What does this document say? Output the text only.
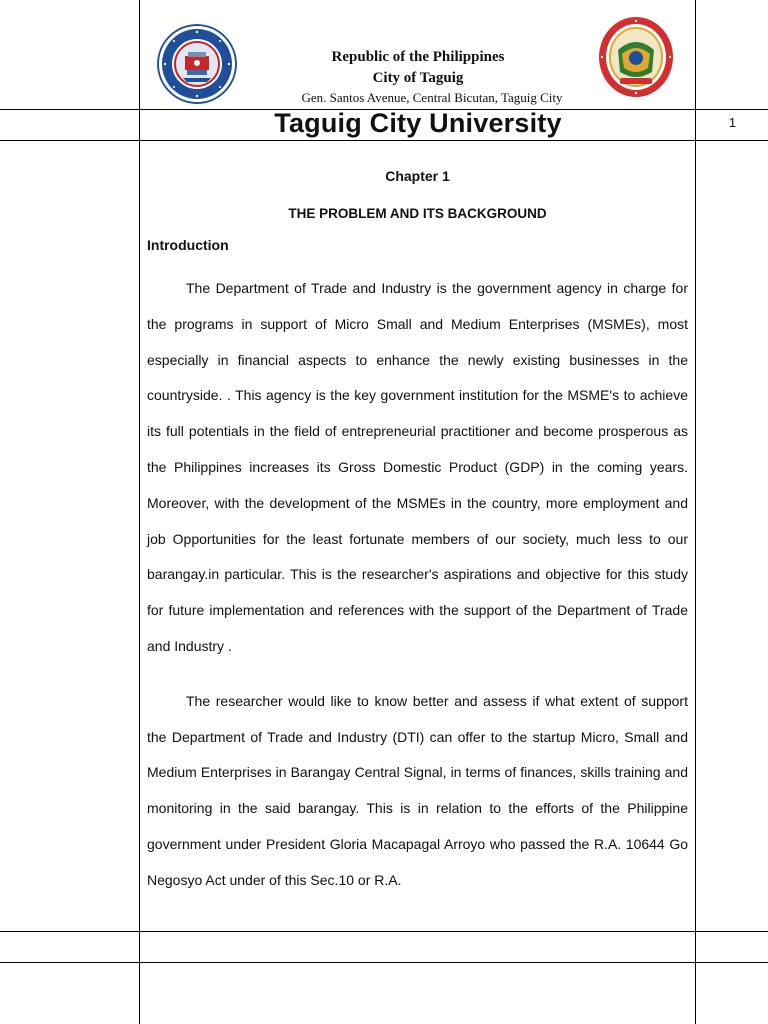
Republic of the Philippines
City of Taguig
Gen. Santos Avenue, Central Bicutan, Taguig City
Taguig City University	1
Chapter 1
THE PROBLEM AND ITS BACKGROUND
Introduction

The Department of Trade and Industry is the government agency in charge for the programs in support of Micro Small and Medium Enterprises (MSMEs), most especially in financial aspects to enhance the newly existing businesses in the countryside. . This agency is the key government institution for the MSME's to achieve its full potentials in the field of entrepreneurial practitioner and become prosperous as the Philippines increases its Gross Domestic Product (GDP) in the coming years. Moreover, with the development of the MSMEs in the country, more employment and job Opportunities for the least fortunate members of our society, much less to our barangay.in particular. This is the researcher's aspirations and objective for this study for future implementation and references with the support of the Department of Trade and Industry .

The researcher would like to know better and assess if what extent of support the Department of Trade and Industry (DTI) can offer to the startup Micro, Small and Medium Enterprises in Barangay Central Signal, in terms of finances, skills training and monitoring in the said barangay. This is in relation to the efforts of the Philippine government under President Gloria Macapagal Arroyo who passed the R.A. 10644 Go Negosyo Act under of this Sec.10 or R.A.
